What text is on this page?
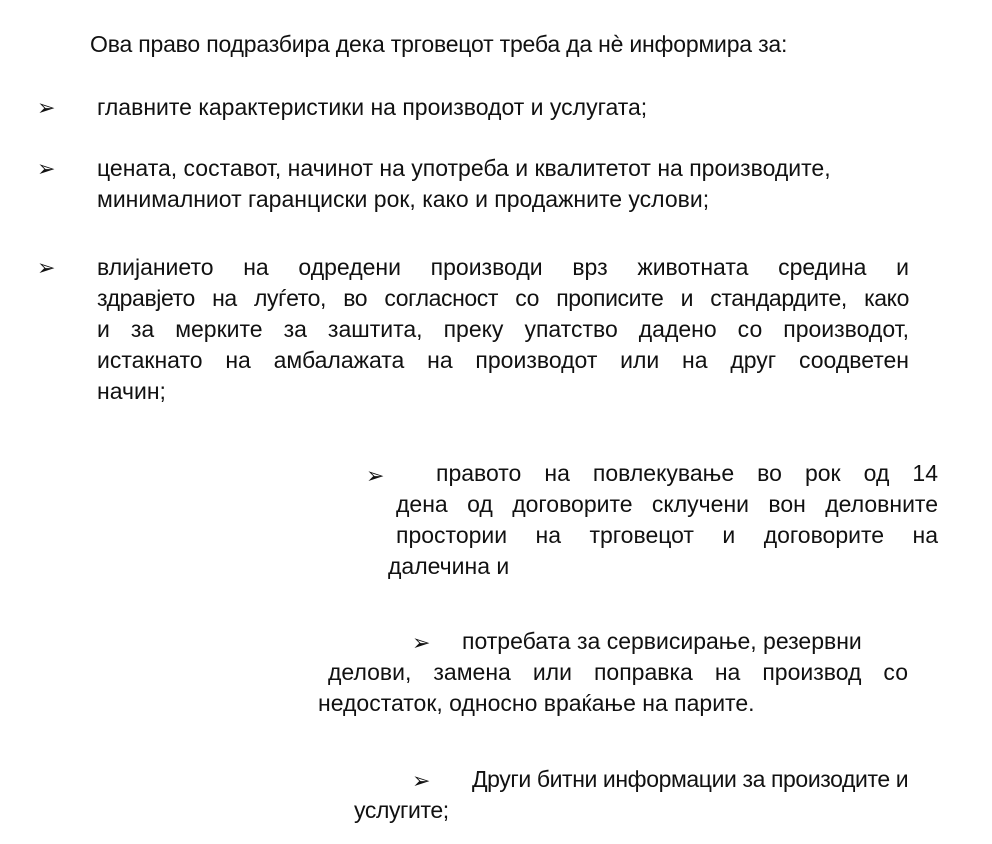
Ова право подразбира дека трговецот треба да нѐ информира за:

➢ главните карактеристики на производот и услугата;
➢ цената, составот, начинот на употреба и квалитетот на производите,
минималниот гаранциски рок, како и продажните услови;
➢ влијанието на одредени производи врз животната средина и
здравјето на луѓето, во согласност со прописите и стандардите, како
и за мерките за заштита, преку упатство дадено со производот,
истакнато на амбалажата на производот или на друг соодветен
начин;
➢ правото на повлекување во рок од 14
дена од договорите склучени вон деловните
простории на трговецот и договорите на
далечина и
➢	потребата за сервисирање, резервни
делови, замена или поправка на производ со
недостаток, односно враќање на парите.
➢	Други битни информации за произодите и
услугите;
